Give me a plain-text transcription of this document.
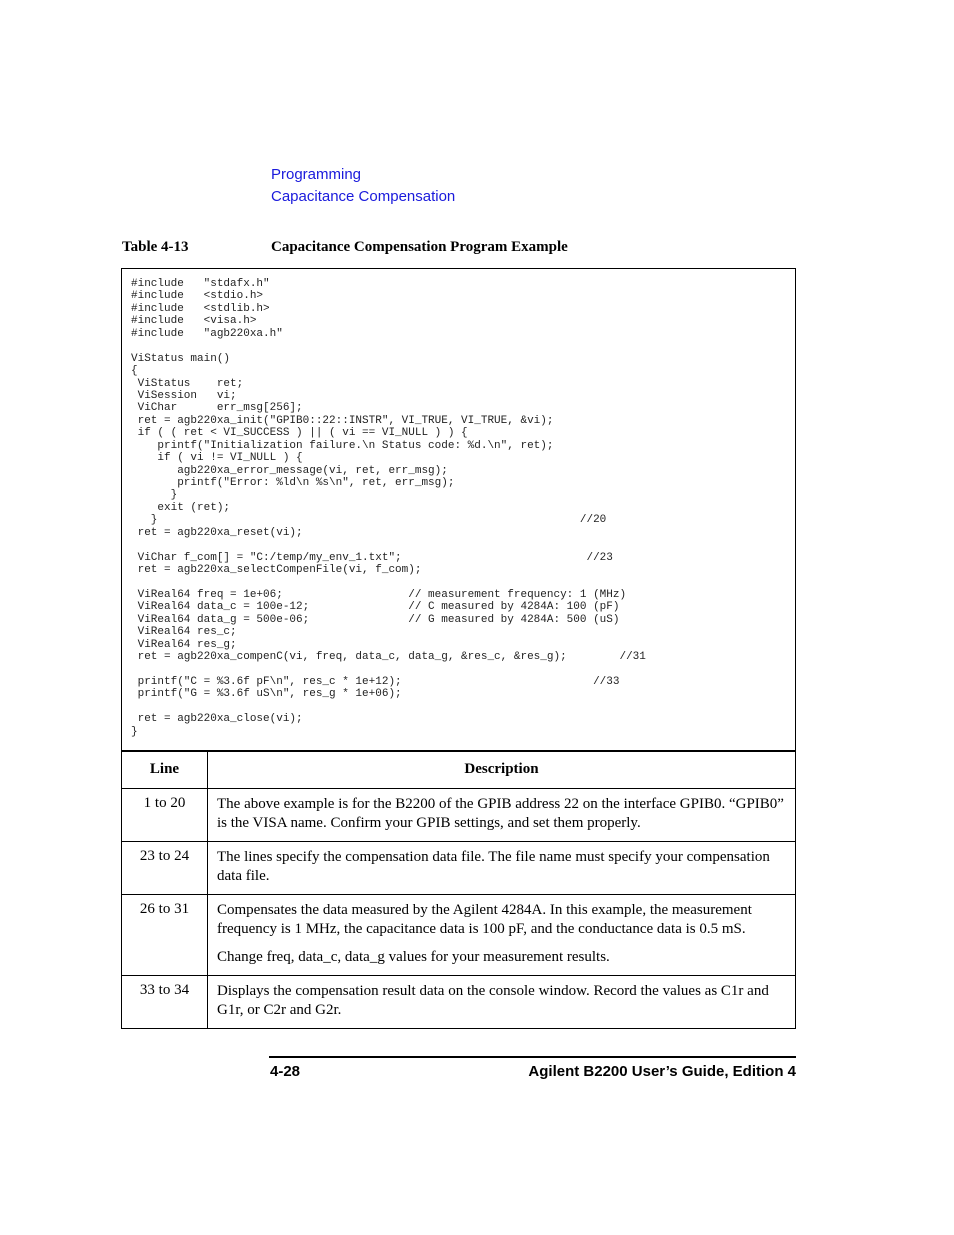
Programming
Capacitance Compensation
Table 4-13	Capacitance Compensation Program Example
#include   "stdafx.h"
#include   <stdio.h>
#include   <stdlib.h>
#include   <visa.h>
#include   "agb220xa.h"
ViStatus main()
{
ViStatus    ret;
ViSession   vi;
ViChar      err_msg[256];
ret = agb220xa_init("GPIB0::22::INSTR", VI_TRUE, VI_TRUE, &vi);
if ( ( ret < VI_SUCCESS ) || ( vi == VI_NULL ) ) {
printf("Initialization failure.\n Status code: %d.\n", ret);
if ( vi != VI_NULL ) {
agb220xa_error_message(vi, ret, err_msg);
printf("Error: %ld\n %s\n", ret, err_msg);
}
exit (ret);
}                                                                //20
ret = agb220xa_reset(vi);
ViChar f_com[] = "C:/temp/my_env_1.txt";                            //23
ret = agb220xa_selectCompenFile(vi, f_com);
ViReal64 freq = 1e+06;                   // measurement frequency: 1 (MHz)
ViReal64 data_c = 100e-12;               // C measured by 4284A: 100 (pF)
ViReal64 data_g = 500e-06;               // G measured by 4284A: 500 (uS)
ViReal64 res_c;
ViReal64 res_g;
ret = agb220xa_compenC(vi, freq, data_c, data_g, &res_c, &res_g);        //31
printf("C = %3.6f pF\n", res_c * 1e+12);                             //33
printf("G = %3.6f uS\n", res_g * 1e+06);
ret = agb220xa_close(vi);
}
Line	Description
1 to 20	The above example is for the B2200 of the GPIB address 22 on the interface GPIB0. “GPIB0” is the VISA name. Confirm your GPIB settings, and set them properly.

23 to 24	The lines specify the compensation data file. The file name must specify your compensation data file.

26 to 31	Compensates the data measured by the Agilent 4284A. In this example, the measurement frequency is 1 MHz, the capacitance data is 100 pF, and the conductance data is 0.5 mS.

Change freq, data_c, data_g values for your measurement results.

33 to 34	Displays the compensation result data on the console window. Record the values as C1r and G1r, or C2r and G2r.

4-28	Agilent B2200 User’s Guide, Edition 4
